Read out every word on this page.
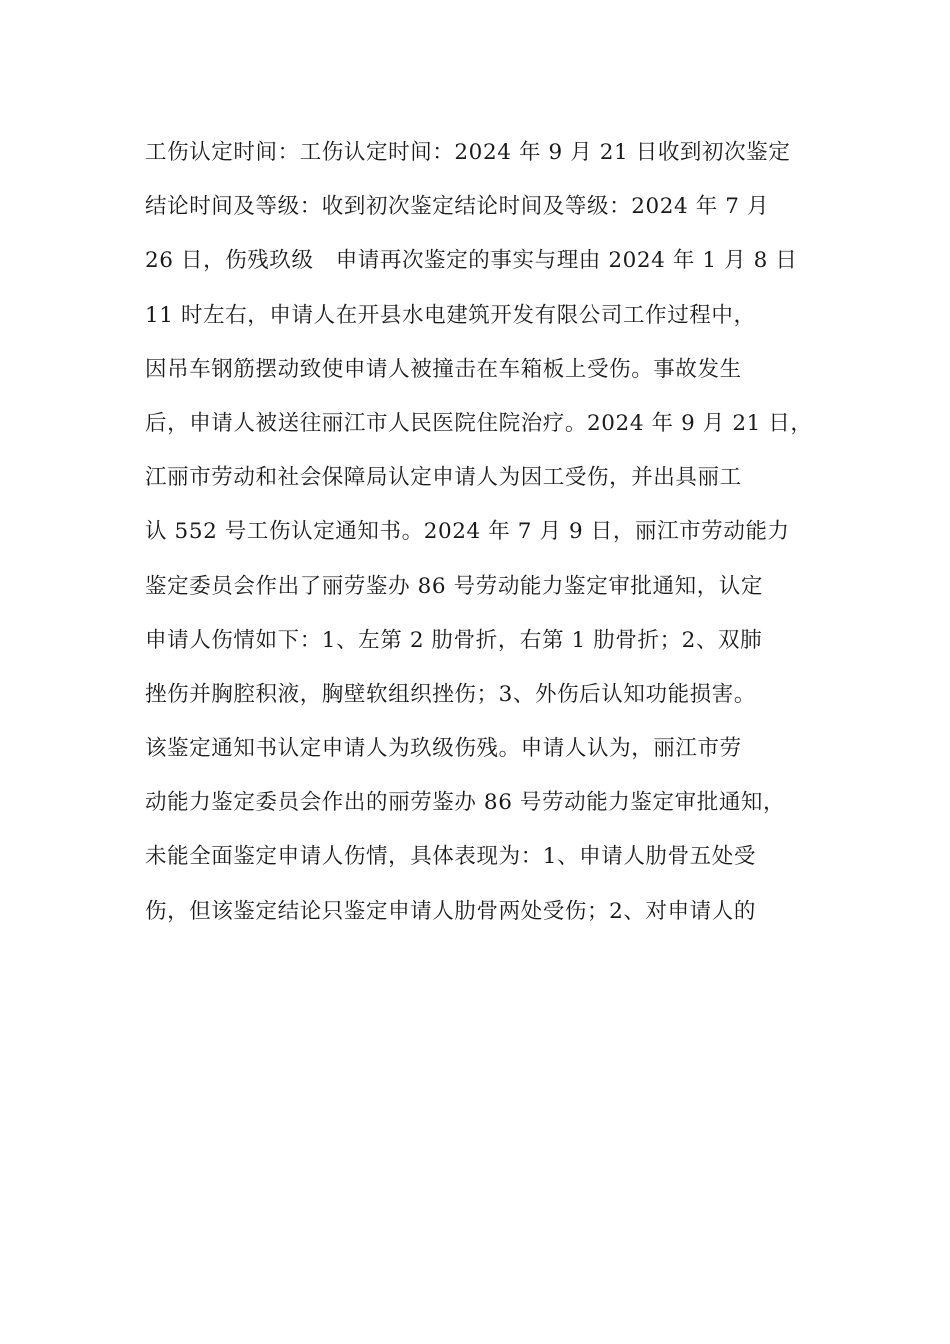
工伤认定时间：工伤认定时间：2024 年 9 月 21 日收到初次鉴定
结论时间及等级：收到初次鉴定结论时间及等级：2024 年 7 月
26 日，伤残玖级　申请再次鉴定的事实与理由 2024 年 1 月 8 日
11 时左右，申请人在开县水电建筑开发有限公司工作过程中，
因吊车钢筋摆动致使申请人被撞击在车箱板上受伤。事故发生
后，申请人被送往丽江市人民医院住院治疗。2024 年 9 月 21 日，
江丽市劳动和社会保障局认定申请人为因工受伤，并出具丽工
认 552 号工伤认定通知书。2024 年 7 月 9 日，丽江市劳动能力
鉴定委员会作出了丽劳鉴办 86 号劳动能力鉴定审批通知，认定
申请人伤情如下：1、左第 2 肋骨折，右第 1 肋骨折；2、双肺
挫伤并胸腔积液，胸壁软组织挫伤；3、外伤后认知功能损害。
该鉴定通知书认定申请人为玖级伤残。申请人认为，丽江市劳
动能力鉴定委员会作出的丽劳鉴办 86 号劳动能力鉴定审批通知，
未能全面鉴定申请人伤情，具体表现为：1、申请人肋骨五处受
伤，但该鉴定结论只鉴定申请人肋骨两处受伤；2、对申请人的
